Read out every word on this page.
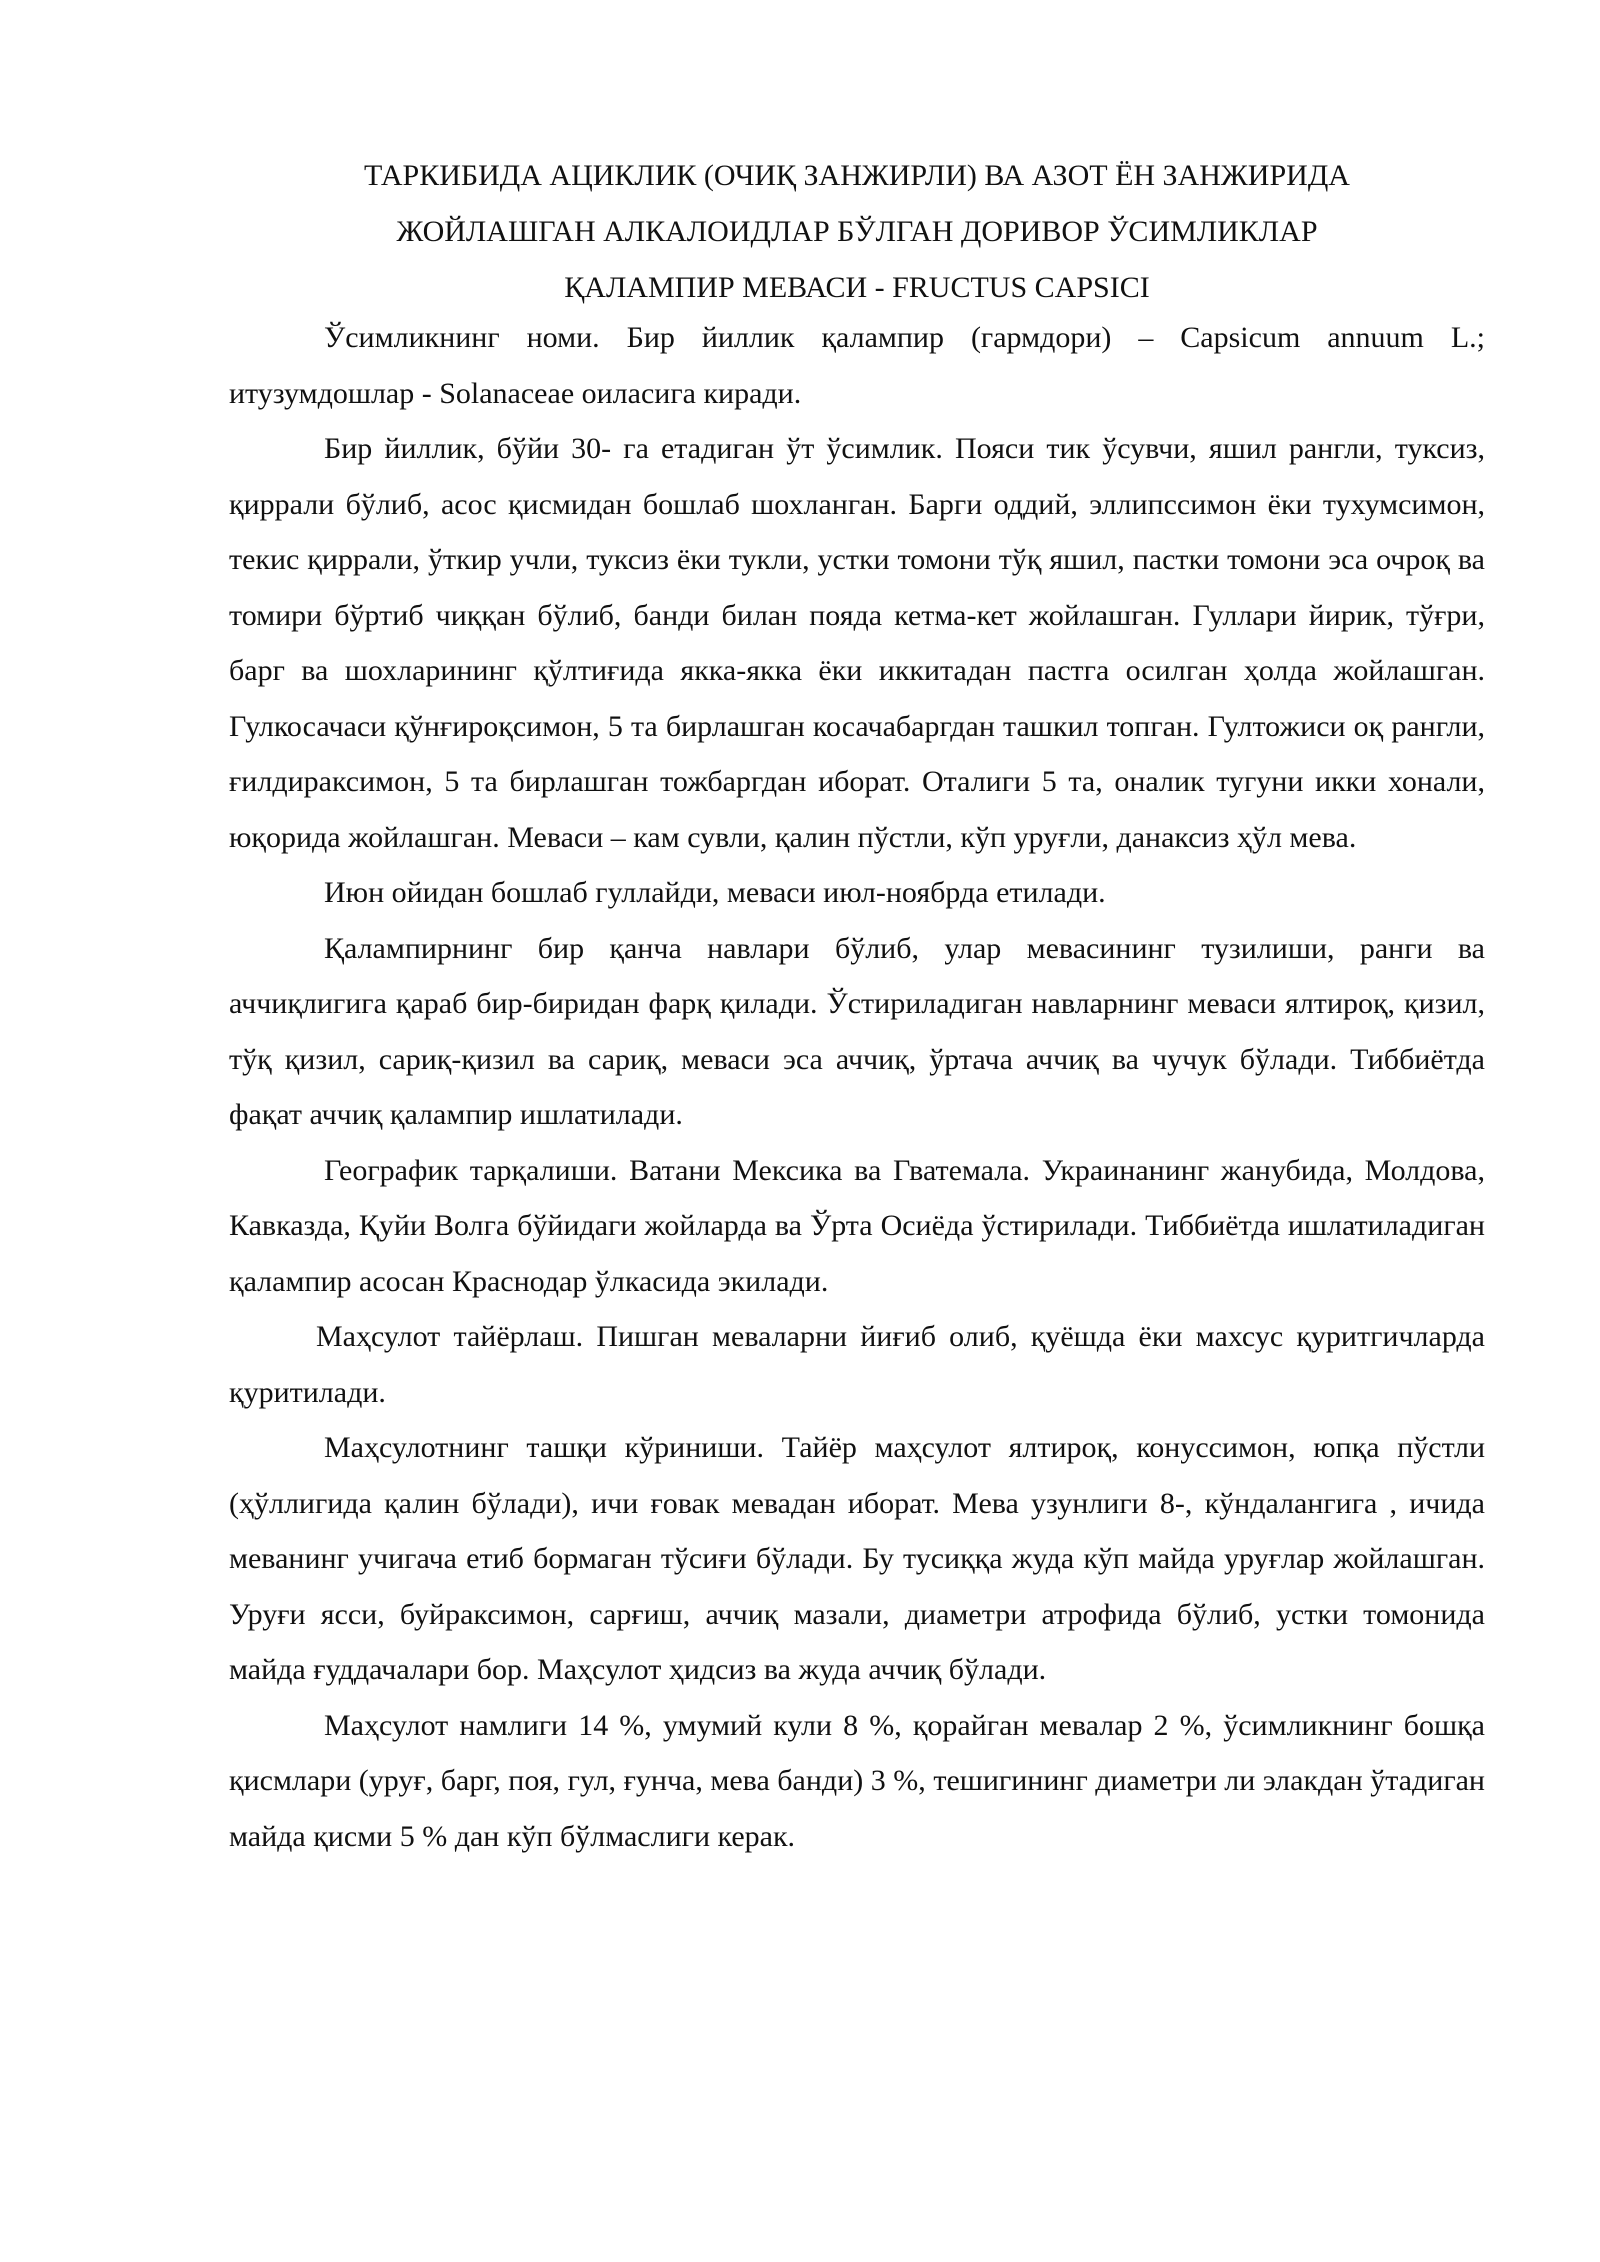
ТАРКИБИДА АЦИКЛИК (ОЧИҚ ЗАНЖИРЛИ) ВА АЗОТ ЁН ЗАНЖИРИДА
ЖОЙЛАШГАН АЛКАЛОИДЛАР БЎЛГАН ДОРИВОР ЎСИМЛИКЛАР
ҚАЛАМПИР МЕВАСИ - FRUCTUS CAPSICI

Ўсимликнинг номи. Бир йиллик қалампир (гармдори) – Capsicum annuum L.; итузумдошлар - Solanaceae оиласига киради.

Бир йиллик, бўйи 30- га етадиган ўт ўсимлик. Пояси тик ўсувчи, яшил рангли, туксиз, қиррали бўлиб, асос қисмидан бошлаб шохланган. Барги оддий, эллипссимон ёки тухумсимон, текис қиррали, ўткир учли, туксиз ёки тукли, устки томони тўқ яшил, пастки томони эса очроқ ва томири бўртиб чиққан бўлиб, банди билан пояда кетма-кет жойлашган. Гуллари йирик, тўғри, барг ва шохларининг қўлтиғида якка-якка ёки иккитадан пастга осилган ҳолда жойлашган. Гулкосачаси қўнғироқсимон, 5 та бирлашган косачабаргдан ташкил топган. Гултожиси оқ рангли, ғилдираксимон, 5 та бирлашган тожбаргдан иборат. Оталиги 5 та, оналик тугуни икки хонали, юқорида жойлашган. Меваси – кам сувли, қалин пўстли, кўп уруғли, данаксиз ҳўл мева.

Июн ойидан бошлаб гуллайди, меваси июл-ноябрда етилади.

Қалампирнинг бир қанча навлари бўлиб, улар мевасининг тузилиши, ранги ва аччиқлигига қараб бир-биридан фарқ қилади. Ўстириладиган навларнинг меваси ялтироқ, қизил, тўқ қизил, сариқ-қизил ва сариқ, меваси эса аччиқ, ўртача аччиқ ва чучук бўлади. Тиббиётда фақат аччиқ қалампир ишлатилади.

Географик тарқалиши. Ватани Мексика ва Гватемала. Украинанинг жанубида, Молдова, Кавказда, Қуйи Волга бўйидаги жойларда ва Ўрта Осиёда ўстирилади. Тиббиётда ишлатиладиган қалампир асосан Краснодар ўлкасида экилади.

Маҳсулот тайёрлаш. Пишган меваларни йиғиб олиб, қуёшда ёки махсус қуритгичларда қуритилади.

Маҳсулотнинг ташқи кўриниши. Тайёр маҳсулот ялтироқ, конуссимон, юпқа пўстли (ҳўллигида қалин бўлади), ичи ғовак мевадан иборат. Мева узунлиги 8-, кўндалангига , ичида меванинг учигача етиб бормаган тўсиғи бўлади. Бу тусиққа жуда кўп майда уруғлар жойлашган. Уруғи ясси, буйраксимон, сарғиш, аччиқ мазали, диаметри атрофида бўлиб, устки томонида майда ғуддачалари бор. Маҳсулот ҳидсиз ва жуда аччиқ бўлади.

Маҳсулот намлиги 14 %, умумий кули 8 %, қорайган мевалар 2 %, ўсимликнинг бошқа қисмлари (уруғ, барг, поя, гул, ғунча, мева банди) 3 %, тешигининг диаметри ли элакдан ўтадиган майда қисми 5 % дан кўп бўлмаслиги керак.
